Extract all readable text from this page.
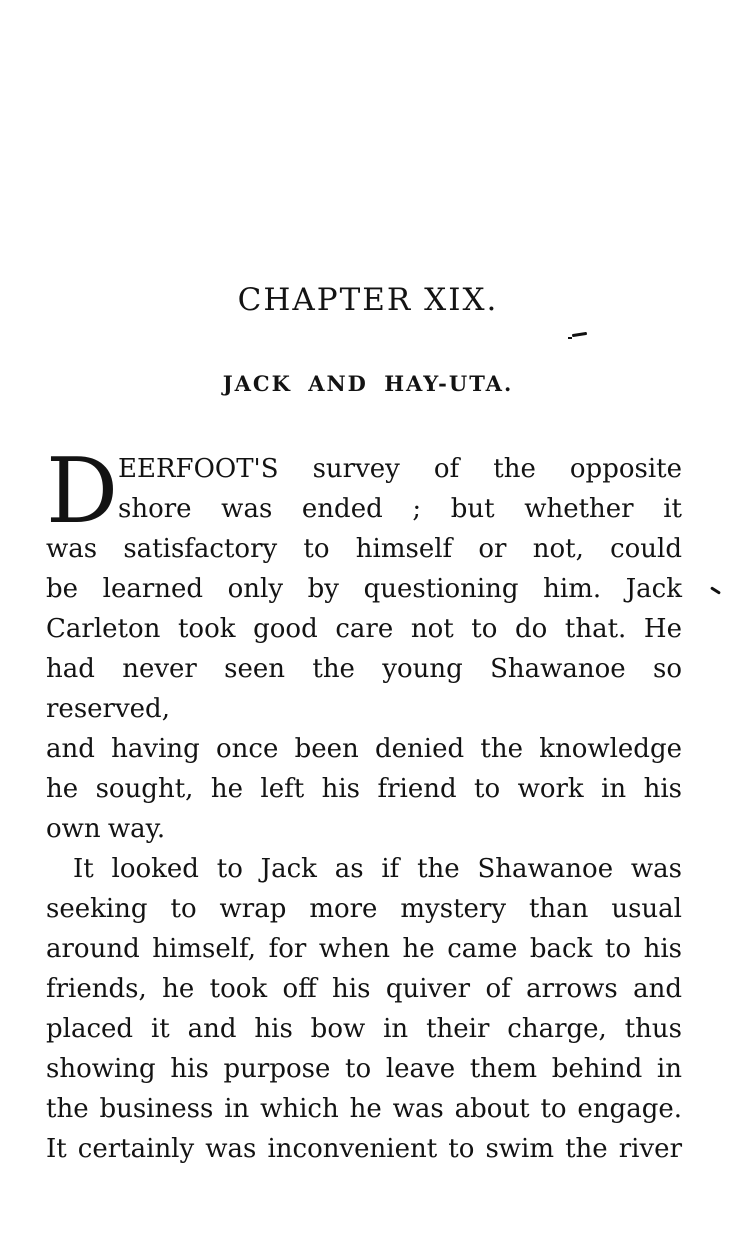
CHAPTER XIX.
JACK AND HAY-UTA.
D EERFOOT'S survey of the opposite
shore was ended ; but whether it
was satisfactory to himself or not, could
be learned only by questioning him. Jack
Carleton took good care not to do that. He
had never seen the young Shawanoe so reserved,
and having once been denied the knowledge
he sought, he left his friend to work in his
own way.
It looked to Jack as if the Shawanoe was
seeking to wrap more mystery than usual
around himself, for when he came back to his
friends, he took off his quiver of arrows and
placed it and his bow in their charge, thus
showing his purpose to leave them behind in
the business in which he was about to engage.
It certainly was inconvenient to swim the river
